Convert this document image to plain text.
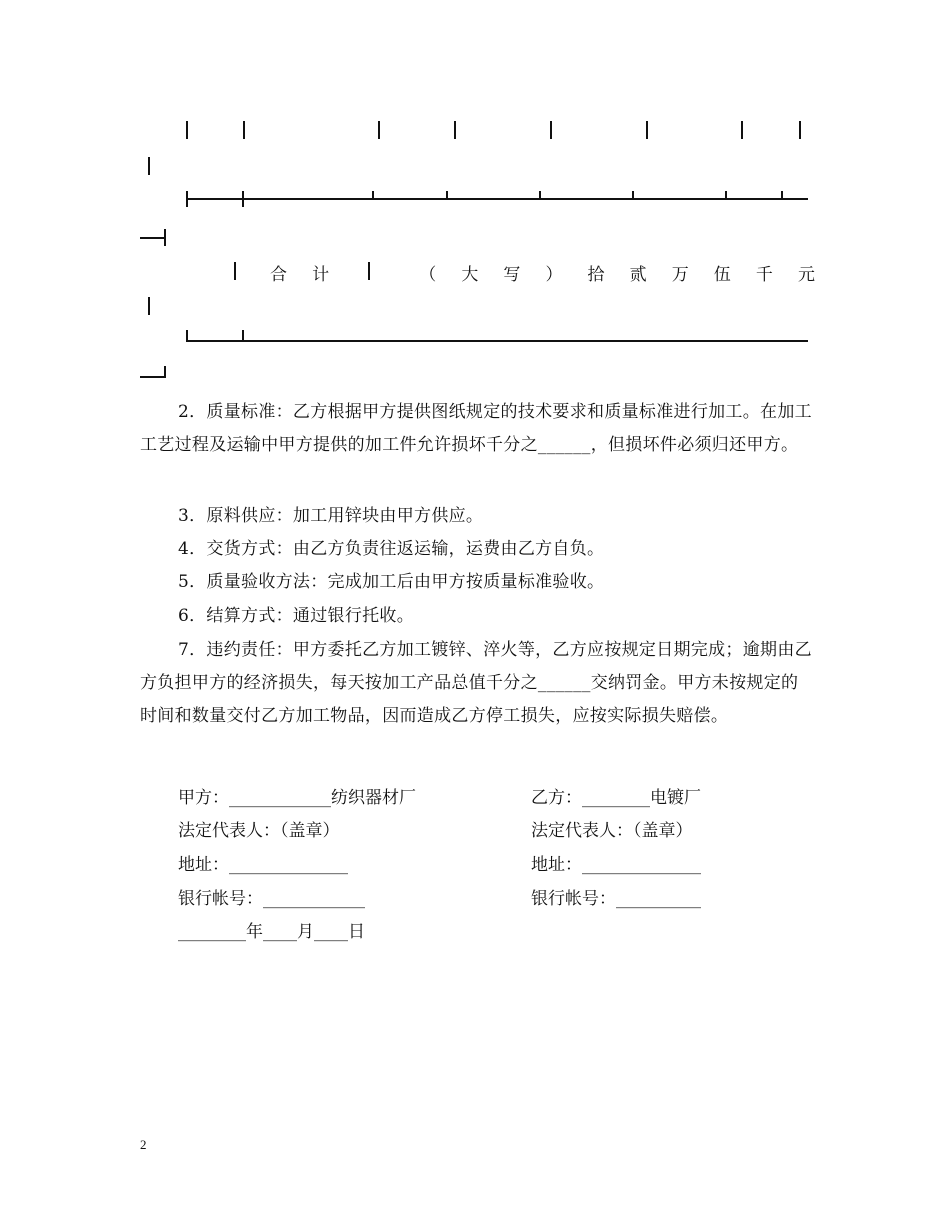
合 计	（ 大 写 ） 拾 贰 万 伍 千 元
2．质量标准：乙方根据甲方提供图纸规定的技术要求和质量标准进行加工。在加工工艺过程及运输中甲方提供的加工件允许损坏千分之______，但损坏件必须归还甲方。
3．原料供应：加工用锌块由甲方供应。
4．交货方式：由乙方负责往返运输，运费由乙方自负。
5．质量验收方法：完成加工后由甲方按质量标准验收。
6．结算方式：通过银行托收。
7．违约责任：甲方委托乙方加工镀锌、淬火等，乙方应按规定日期完成；逾期由乙方负担甲方的经济损失，每天按加工产品总值千分之______交纳罚金。甲方未按规定的时间和数量交付乙方加工物品，因而造成乙方停工损失，应按实际损失赔偿。
甲方：____________纺织器材厂	乙方：________电镀厂
法定代表人：（盖章）	法定代表人：（盖章）
地址：______________	地址：______________
银行帐号：____________	银行帐号：__________
________年____月____日
2
